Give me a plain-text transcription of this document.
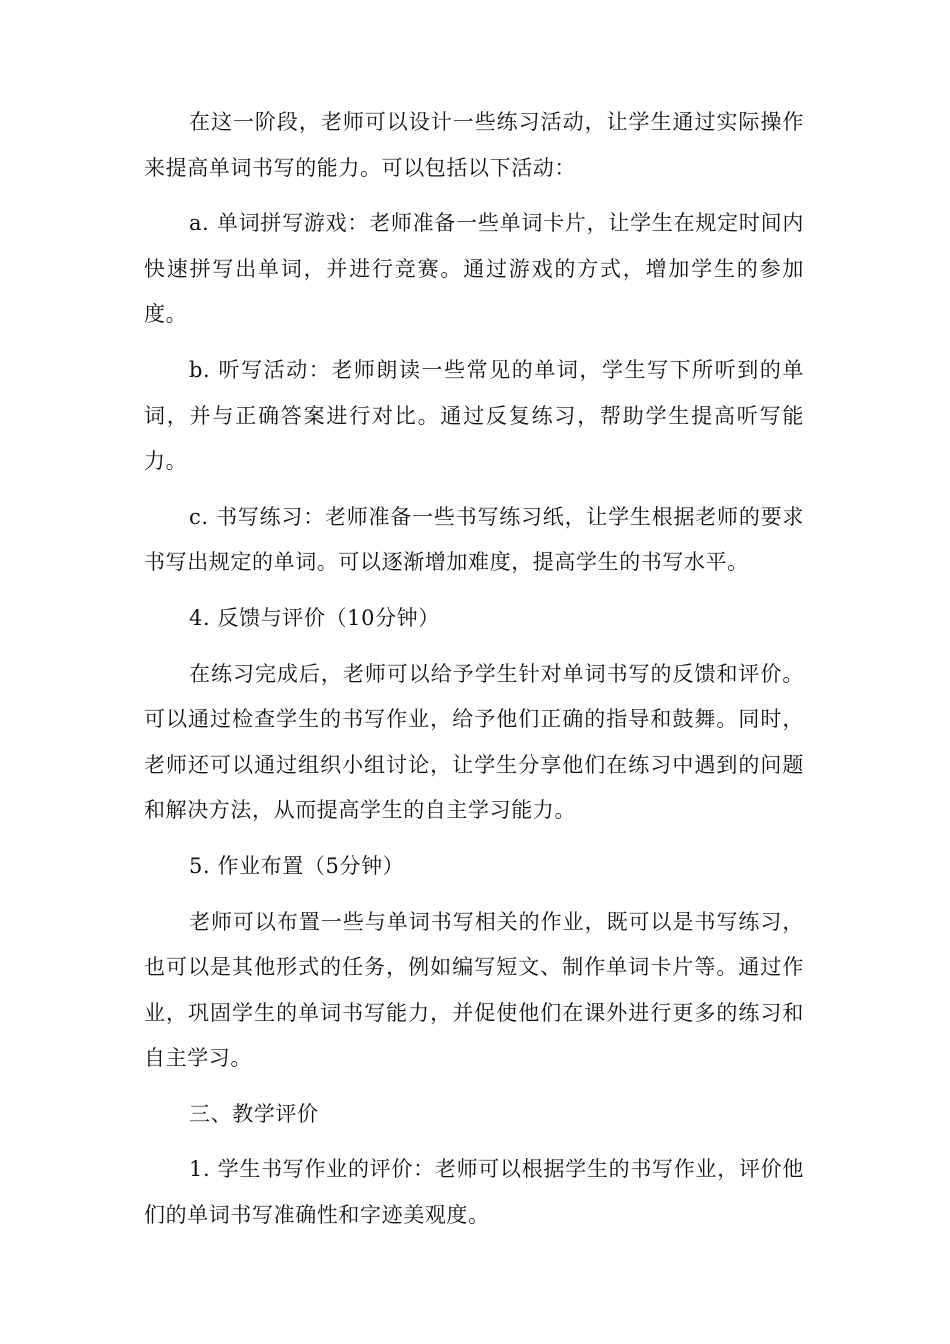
在这一阶段，老师可以设计一些练习活动，让学生通过实际操作来提高单词书写的能力。可以包括以下活动：

a. 单词拼写游戏：老师准备一些单词卡片，让学生在规定时间内快速拼写出单词，并进行竞赛。通过游戏的方式，增加学生的参加度。

b. 听写活动：老师朗读一些常见的单词，学生写下所听到的单词，并与正确答案进行对比。通过反复练习，帮助学生提高听写能力。

c. 书写练习：老师准备一些书写练习纸，让学生根据老师的要求书写出规定的单词。可以逐渐增加难度，提高学生的书写水平。

4. 反馈与评价（10分钟）

在练习完成后，老师可以给予学生针对单词书写的反馈和评价。可以通过检查学生的书写作业，给予他们正确的指导和鼓舞。同时，老师还可以通过组织小组讨论，让学生分享他们在练习中遇到的问题和解决方法，从而提高学生的自主学习能力。

5. 作业布置（5分钟）

老师可以布置一些与单词书写相关的作业，既可以是书写练习，也可以是其他形式的任务，例如编写短文、制作单词卡片等。通过作业，巩固学生的单词书写能力，并促使他们在课外进行更多的练习和自主学习。

三、教学评价

1. 学生书写作业的评价：老师可以根据学生的书写作业，评价他们的单词书写准确性和字迹美观度。
